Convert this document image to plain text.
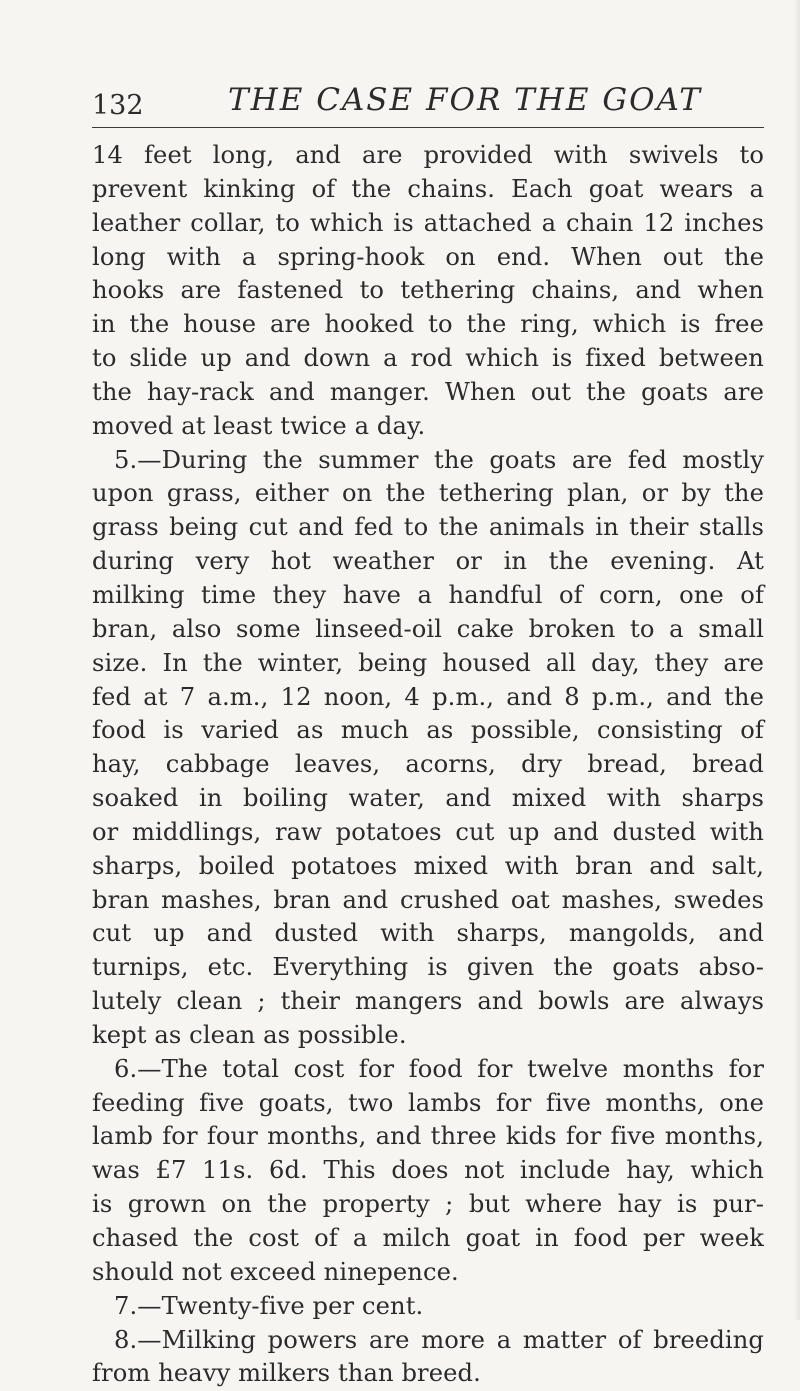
132	THE CASE FOR THE GOAT
14 feet long, and are provided with swivels to
prevent kinking of the chains. Each goat wears a
leather collar, to which is attached a chain 12 inches
long with a spring-hook on end. When out the
hooks are fastened to tethering chains, and when
in the house are hooked to the ring, which is free
to slide up and down a rod which is fixed between
the hay-rack and manger. When out the goats are
moved at least twice a day.
5.—During the summer the goats are fed mostly
upon grass, either on the tethering plan, or by the
grass being cut and fed to the animals in their stalls
during very hot weather or in the evening. At
milking time they have a handful of corn, one of
bran, also some linseed-oil cake broken to a small
size. In the winter, being housed all day, they are
fed at 7 a.m., 12 noon, 4 p.m., and 8 p.m., and the
food is varied as much as possible, consisting of
hay, cabbage leaves, acorns, dry bread, bread
soaked in boiling water, and mixed with sharps
or middlings, raw potatoes cut up and dusted with
sharps, boiled potatoes mixed with bran and salt,
bran mashes, bran and crushed oat mashes, swedes
cut up and dusted with sharps, mangolds, and
turnips, etc. Everything is given the goats abso-
lutely clean ; their mangers and bowls are always
kept as clean as possible.
6.—The total cost for food for twelve months for
feeding five goats, two lambs for five months, one
lamb for four months, and three kids for five months,
was £7 11s. 6d. This does not include hay, which
is grown on the property ; but where hay is pur-
chased the cost of a milch goat in food per week
should not exceed ninepence.
7.—Twenty-five per cent.
8.—Milking powers are more a matter of breeding
from heavy milkers than breed.
